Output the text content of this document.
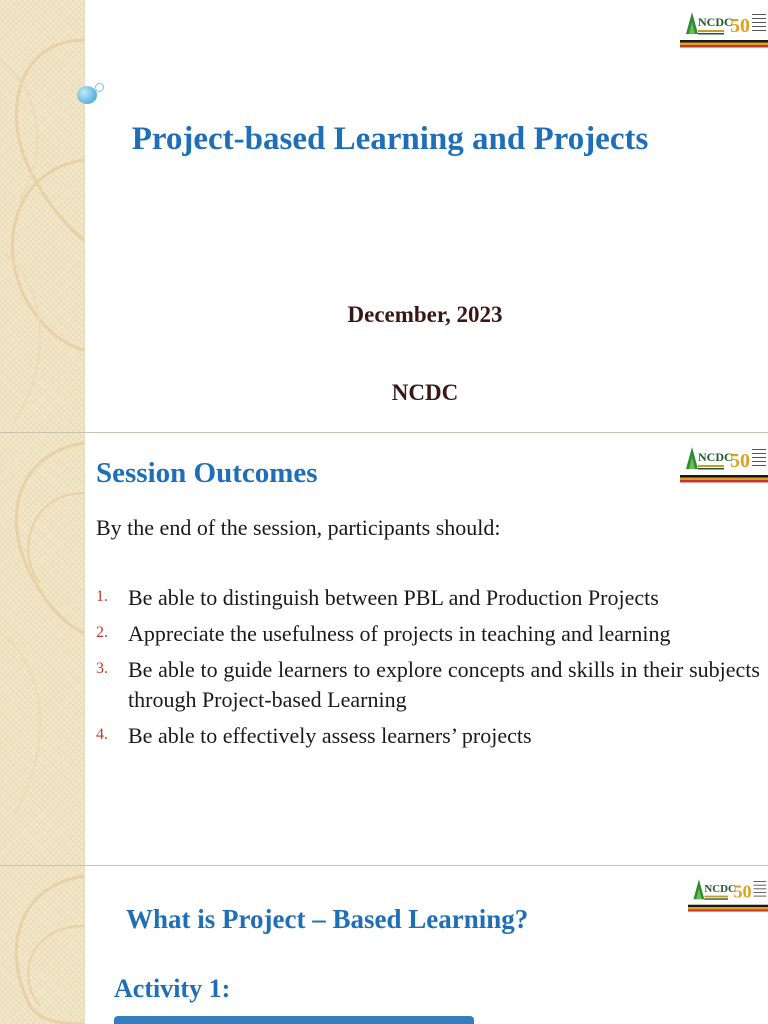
NCDC
50
Project-based Learning and Projects
December, 2023
NCDC
NCDC
50
Session Outcomes
By the end of the session, participants should:
1. Be able to distinguish between PBL and Production Projects
2. Appreciate the usefulness of projects in teaching and learning
3. Be able to guide learners to explore concepts and skills in their subjects through Project-based Learning
4. Be able to effectively assess learners’ projects
NCDC
50
What is Project – Based Learning?
Activity 1:
